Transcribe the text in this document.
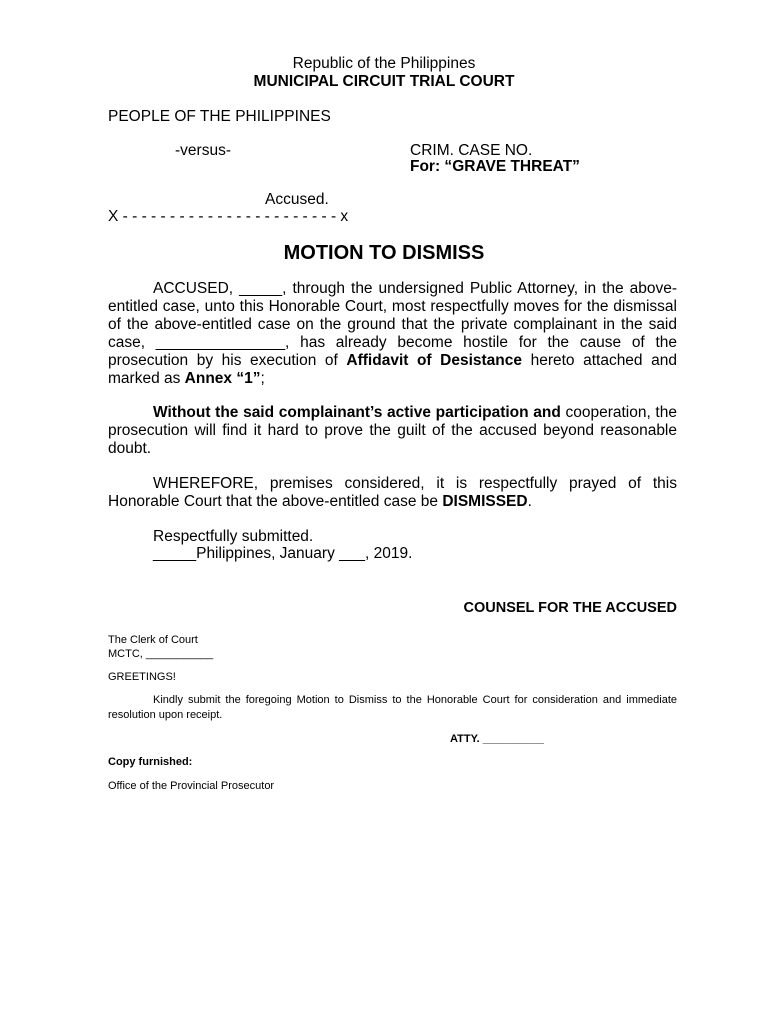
Republic of the Philippines

MUNICIPAL CIRCUIT TRIAL COURT

PEOPLE OF THE PHILIPPINES

-versus-	CRIM. CASE NO.

For: “GRAVE THREAT”

Accused.

X - - - - - - - - - - - - - - - - - - - - - - - x

MOTION TO DISMISS

ACCUSED, _____, through the undersigned Public Attorney, in the above-entitled case, unto this Honorable Court, most respectfully moves for the dismissal of the above-entitled case on the ground that the private complainant in the said case, _______________, has already become hostile for the cause of the prosecution by his execution of Affidavit of Desistance hereto attached and marked as Annex “1”;

Without the said complainant’s active participation and cooperation, the prosecution will find it hard to prove the guilt of the accused beyond reasonable doubt.

WHEREFORE, premises considered, it is respectfully prayed of this Honorable Court that the above-entitled case be DISMISSED.

Respectfully submitted.

_____Philippines, January ___, 2019.

COUNSEL FOR THE ACCUSED

The Clerk of Court

MCTC, ___________

GREETINGS!

Kindly submit the foregoing Motion to Dismiss to the Honorable Court for consideration and immediate resolution upon receipt.

ATTY. __________

Copy furnished:

Office of the Provincial Prosecutor
